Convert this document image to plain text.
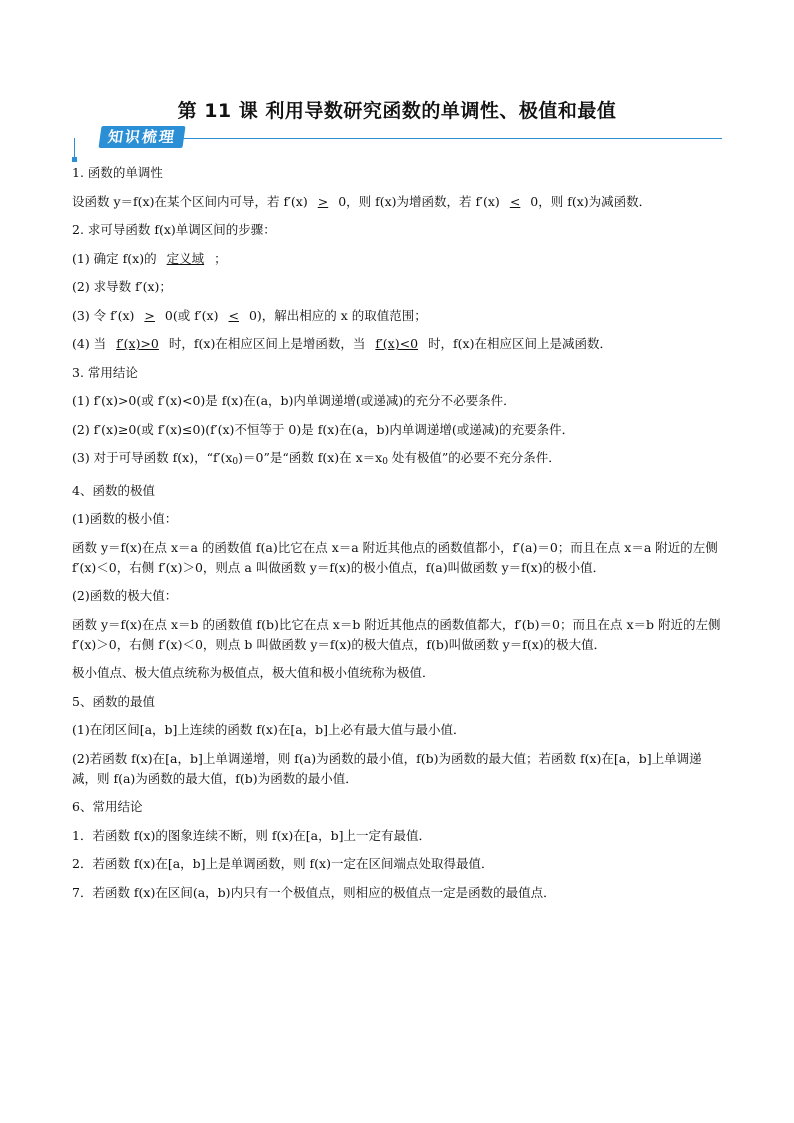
第 11 课 利用导数研究函数的单调性、极值和最值
知识梳理

1. 函数的单调性

设函数 y＝f(x)在某个区间内可导，若 f′(x) > 0，则 f(x)为增函数，若 f′(x) < 0，则 f(x)为减函数．

2. 求可导函数 f(x)单调区间的步骤：

(1) 确定 f(x)的 定义域 ；

(2) 求导数 f′(x)；

(3) 令 f′(x) > 0(或 f′(x) < 0)，解出相应的 x 的取值范围；

(4) 当 f′(x)>0 时，f(x)在相应区间上是增函数，当 f′(x)<0 时，f(x)在相应区间上是减函数．

3. 常用结论

(1) f′(x)>0(或 f′(x)<0)是 f(x)在(a，b)内单调递增(或递减)的充分不必要条件．

(2) f′(x)≥0(或 f′(x)≤0)(f′(x)不恒等于 0)是 f(x)在(a，b)内单调递增(或递减)的充要条件．

(3) 对于可导函数 f(x)，“$f'(x_0)=0$”是“函数 f(x)在 $x=x_0$ 处有极值”的必要不充分条件．

4、函数的极值

(1)函数的极小值：

函数 y＝f(x)在点 x＝a 的函数值 f(a)比它在点 x＝a 附近其他点的函数值都小，f′(a)＝0；而且在点 x＝a 附近的左侧 f′(x)＜0，右侧 f′(x)＞0，则点 a 叫做函数 y＝f(x)的极小值点，f(a)叫做函数 y＝f(x)的极小值．

(2)函数的极大值：

函数 y＝f(x)在点 x＝b 的函数值 f(b)比它在点 x＝b 附近其他点的函数值都大，f′(b)＝0；而且在点 x＝b 附近的左侧 f′(x)＞0，右侧 f′(x)＜0，则点 b 叫做函数 y＝f(x)的极大值点，f(b)叫做函数 y＝f(x)的极大值．

极小值点、极大值点统称为极值点，极大值和极小值统称为极值．

5、函数的最值

(1)在闭区间[a，b]上连续的函数 f(x)在[a，b]上必有最大值与最小值．

(2)若函数 f(x)在[a，b]上单调递增，则 f(a)为函数的最小值，f(b)为函数的最大值；若函数 f(x)在[a，b]上单调递减，则 f(a)为函数的最大值，f(b)为函数的最小值．

6、常用结论

1．若函数 f(x)的图象连续不断，则 f(x)在[a，b]上一定有最值．

2．若函数 f(x)在[a，b]上是单调函数，则 f(x)一定在区间端点处取得最值．

7．若函数 f(x)在区间(a，b)内只有一个极值点，则相应的极值点一定是函数的最值点．
